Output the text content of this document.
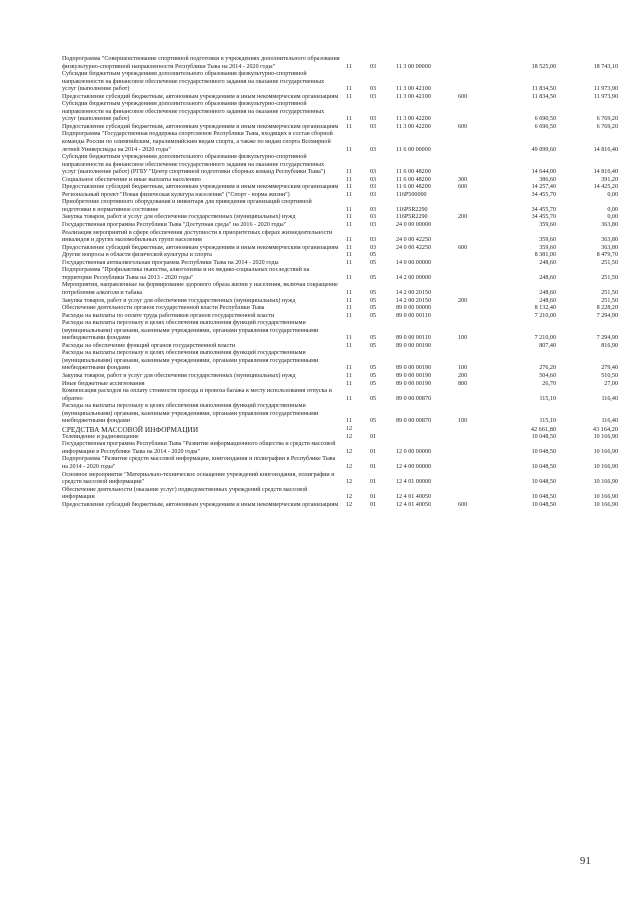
Подпрограмма "Совершенствование спортивной подготовки в учреждениях дополнительного образования физкультурно-спортивной направленности Республики Тыва на 2014 - 2020 годы"	11	03	11 3 00 00000		18 525,00	18 743,10
Субсидии бюджетным учреждениям дополнительного образования физкультурно-спортивной направленности на финансовое обеспечение государственного задания на оказание государственных услуг (выполнение работ)	11	03	11 3 00 42100		11 834,50	11 973,90
Предоставление субсидий бюджетным, автономным учреждениям и иным некоммерческим организациям	11	03	11 3 00 42100	600	11 834,50	11 973,90
Субсидии бюджетным учреждениям дополнительного образования физкультурно-спортивной направленности на финансовое обеспечение государственного задания на оказание государственных услуг (выполнение работ)	11	03	11 3 00 42200		6 690,50	6 769,20
Предоставление субсидий бюджетным, автономным учреждениям и иным некоммерческим организациям	11	03	11 3 00 42200	600	6 690,50	6 769,20
Подпрограмма "Государственная поддержка спортсменов Республики Тыва, входящих в состав сборной команды России по олимпийским, паралимпийским видам спорта, а также по видам спорта Всемирной летней Универсиады на 2014 - 2020 годы"	11	03	11 6 00 00000		49 099,60	14 816,40
Субсидии бюджетным учреждениям дополнительного образования физкультурно-спортивной направленности на финансовое обеспечение государственного задания на оказание государственных услуг (выполнение работ) (РГБУ "Центр спортивной подготовки сборных команд Республики Тыва")	11	03	11 6 00 48200		14 644,00	14 816,40
Социальное обеспечение и иные выплаты населению	11	03	11 6 00 48200	300	386,60	391,20
Предоставление субсидий бюджетным, автономным учреждениям и иным некоммерческим организациям	11	03	11 6 00 48200	600	14 257,40	14 425,20
Региональный проект "Новая физическая культура населения" ("Спорт - норма жизни")	11	03	116P500000		34 455,70	0,00
Приобретение спортивного оборудования и инвентаря для приведения организаций спортивной подготовки в нормативное состояние	11	03	116P5R2290		34 455,70	0,00
Закупка товаров, работ и услуг для обеспечения государственных (муниципальных) нужд	11	03	116P5R2290	200	34 455,70	0,00
Государственная программа Республики Тыва "Доступная среда" на 2016 - 2020 годы"	11	03	24 0 00 00000		359,60	363,80
Реализация мероприятий в сфере обеспечения доступности в приоритетных сферах жизнедеятельности инвалидов и других маломобильных групп населения	11	03	24 0 00 42250		359,60	363,80
Предоставление субсидий бюджетным, автономным учреждениям и иным некоммерческим организациям	11	03	24 0 00 42250	600	359,60	363,80
Другие вопросы в области физической культуры и спорта	11	05			8 381,00	8 479,70
Государственная антиалкогольная программа Республики Тыва на 2014 - 2020 годы	11	05	14 0 00 00000		248,60	251,50
Подпрограмма "Профилактика пьянства, алкоголизма и их медико-социальных последствий на территории Республики Тыва на 2013 - 2020 годы"	11	05	14 2 00 00000		248,60	251,50
Мероприятия, направленные на формирование здорового образа жизни у населения, включая сокращение потребления алкоголя и табака	11	05	14 2 00 20150		248,60	251,50
Закупка товаров, работ и услуг для обеспечения государственных (муниципальных) нужд	11	05	14 2 00 20150	200	248,60	251,50
Обеспечение деятельности органов государственной власти Республики Тыва	11	05	89 0 00 00000		8 132,40	8 228,20
Расходы на выплаты по оплате труда работников органов государственной власти	11	05	89 0 00 00110		7 210,00	7 294,90
Расходы на выплаты персоналу в целях обеспечения выполнения функций государственными (муниципальными) органами, казенными учреждениями, органами управления государственными внебюджетными фондами	11	05	89 0 00 00110	100	7 210,00	7 294,90
Расходы на обеспечение функций органов государственной власти	11	05	89 0 00 00190		807,40	816,90
Расходы на выплаты персоналу в целях обеспечения выполнения функций государственными (муниципальными) органами, казенными учреждениями, органами управления государственными внебюджетными фондами	11	05	89 0 00 00190	100	276,20	279,40
Закупка товаров, работ и услуг для обеспечения государственных (муниципальных) нужд	11	05	89 0 00 00190	200	504,60	510,50
Иные бюджетные ассигнования	11	05	89 0 00 00190	800	26,70	27,00
Компенсация расходов на оплату стоимости проезда и провоза багажа к месту использования отпуска и обратно	11	05	89 0 00 00870		115,10	116,40
Расходы на выплаты персоналу в целях обеспечения выполнения функций государственными (муниципальными) органами, казенными учреждениями, органами управления государственными внебюджетными фондами	11	05	89 0 00 00870	100	115,10	116,40
СРЕДСТВА МАССОВОЙ ИНФОРМАЦИИ	12				42 661,80	43 164,20
Телевидение и радиовещание	12	01			10 048,50	10 166,90
Государственная программа Республики Тыва "Развитие информационного общества и средств массовой информации в Республике Тыва на 2014 - 2020 годы"	12	01	12 0 00 00000		10 048,50	10 166,90
Подпрограмма "Развитие средств массовой информации, книгоиздания и полиграфии в Республике Тыва на 2014 - 2020 годы"	12	01	12 4 00 00000		10 048,50	10 166,90
Основное мероприятие "Материально-техническое оснащение учреждений книгоиздания, полиграфии и средств массовой информации"	12	01	12 4 01 00000		10 048,50	10 166,90
Обеспечение деятельности (оказание услуг) подведомственных учреждений средств массовой информации	12	01	12 4 01 40050		10 048,50	10 166,90
Предоставление субсидий бюджетным, автономным учреждениям и иным некоммерческим организациям	12	01	12 4 01 40050	600	10 048,50	10 166,90
91
